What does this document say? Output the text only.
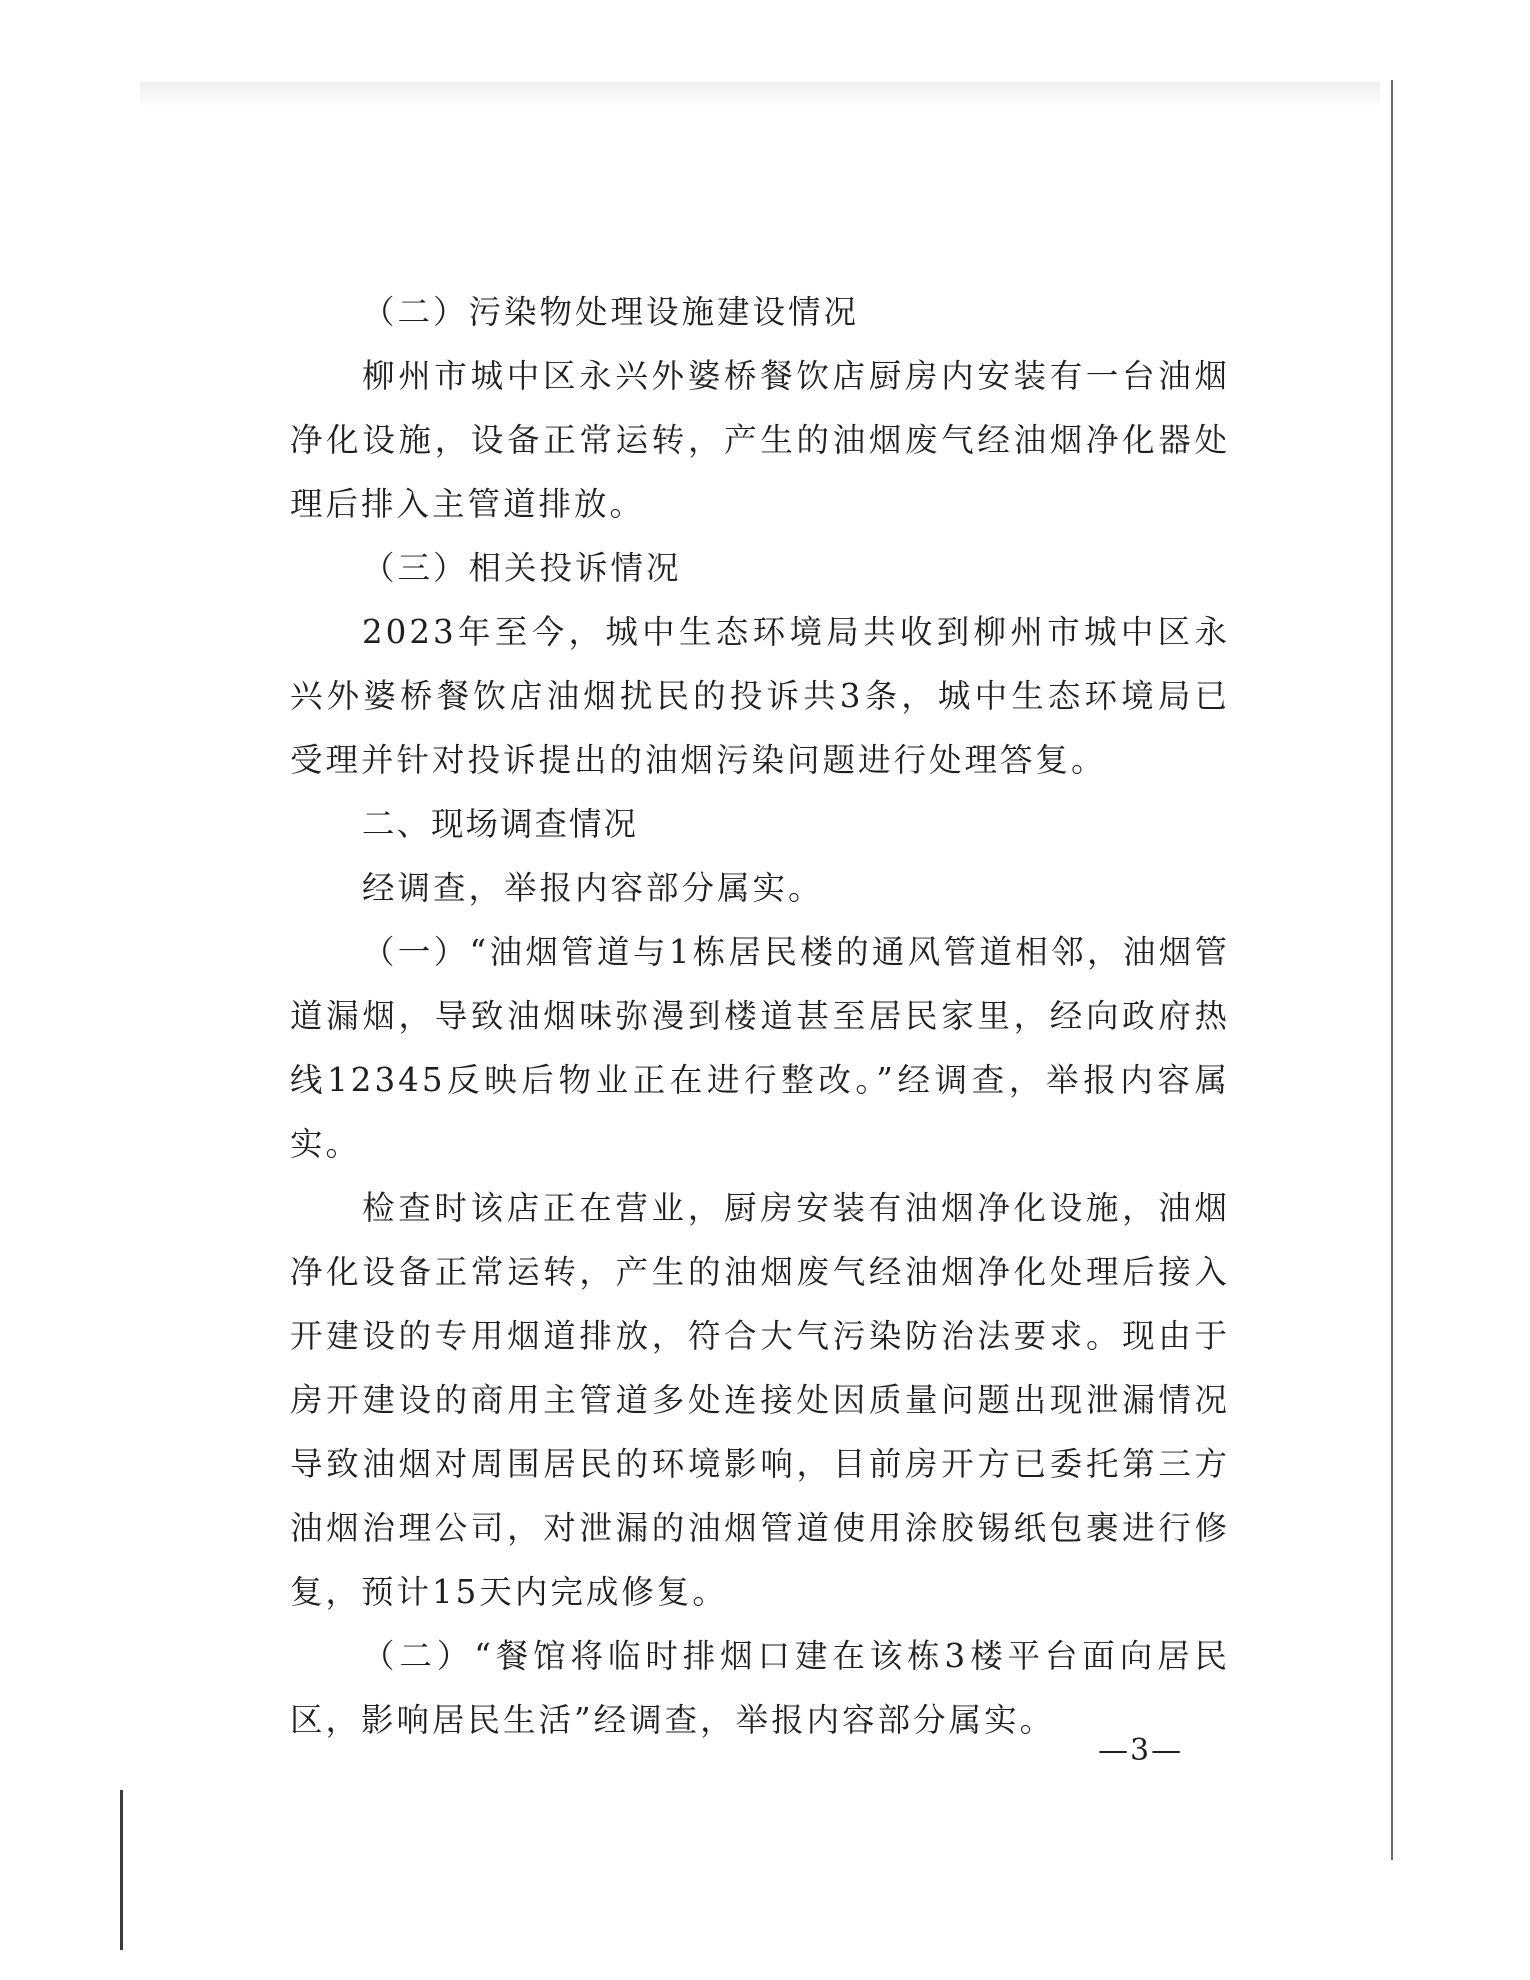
（二）污染物处理设施建设情况

柳州市城中区永兴外婆桥餐饮店厨房内安装有一台油烟净化设施，设备正常运转，产生的油烟废气经油烟净化器处理后排入主管道排放。

（三）相关投诉情况

2023年至今，城中生态环境局共收到柳州市城中区永兴外婆桥餐饮店油烟扰民的投诉共3条，城中生态环境局已受理并针对投诉提出的油烟污染问题进行处理答复。

二、现场调查情况

经调查，举报内容部分属实。

（一）“油烟管道与1栋居民楼的通风管道相邻，油烟管道漏烟，导致油烟味弥漫到楼道甚至居民家里，经向政府热线12345反映后物业正在进行整改。”经调查，举报内容属实。

检查时该店正在营业，厨房安装有油烟净化设施，油烟净化设备正常运转，产生的油烟废气经油烟净化处理后接入开建设的专用烟道排放，符合大气污染防治法要求。现由于房开建设的商用主管道多处连接处因质量问题出现泄漏情况导致油烟对周围居民的环境影响，目前房开方已委托第三方油烟治理公司，对泄漏的油烟管道使用涂胶锡纸包裹进行修复，预计15天内完成修复。

（二）“餐馆将临时排烟口建在该栋3楼平台面向居民区，影响居民生活”经调查，举报内容部分属实。

—3—
